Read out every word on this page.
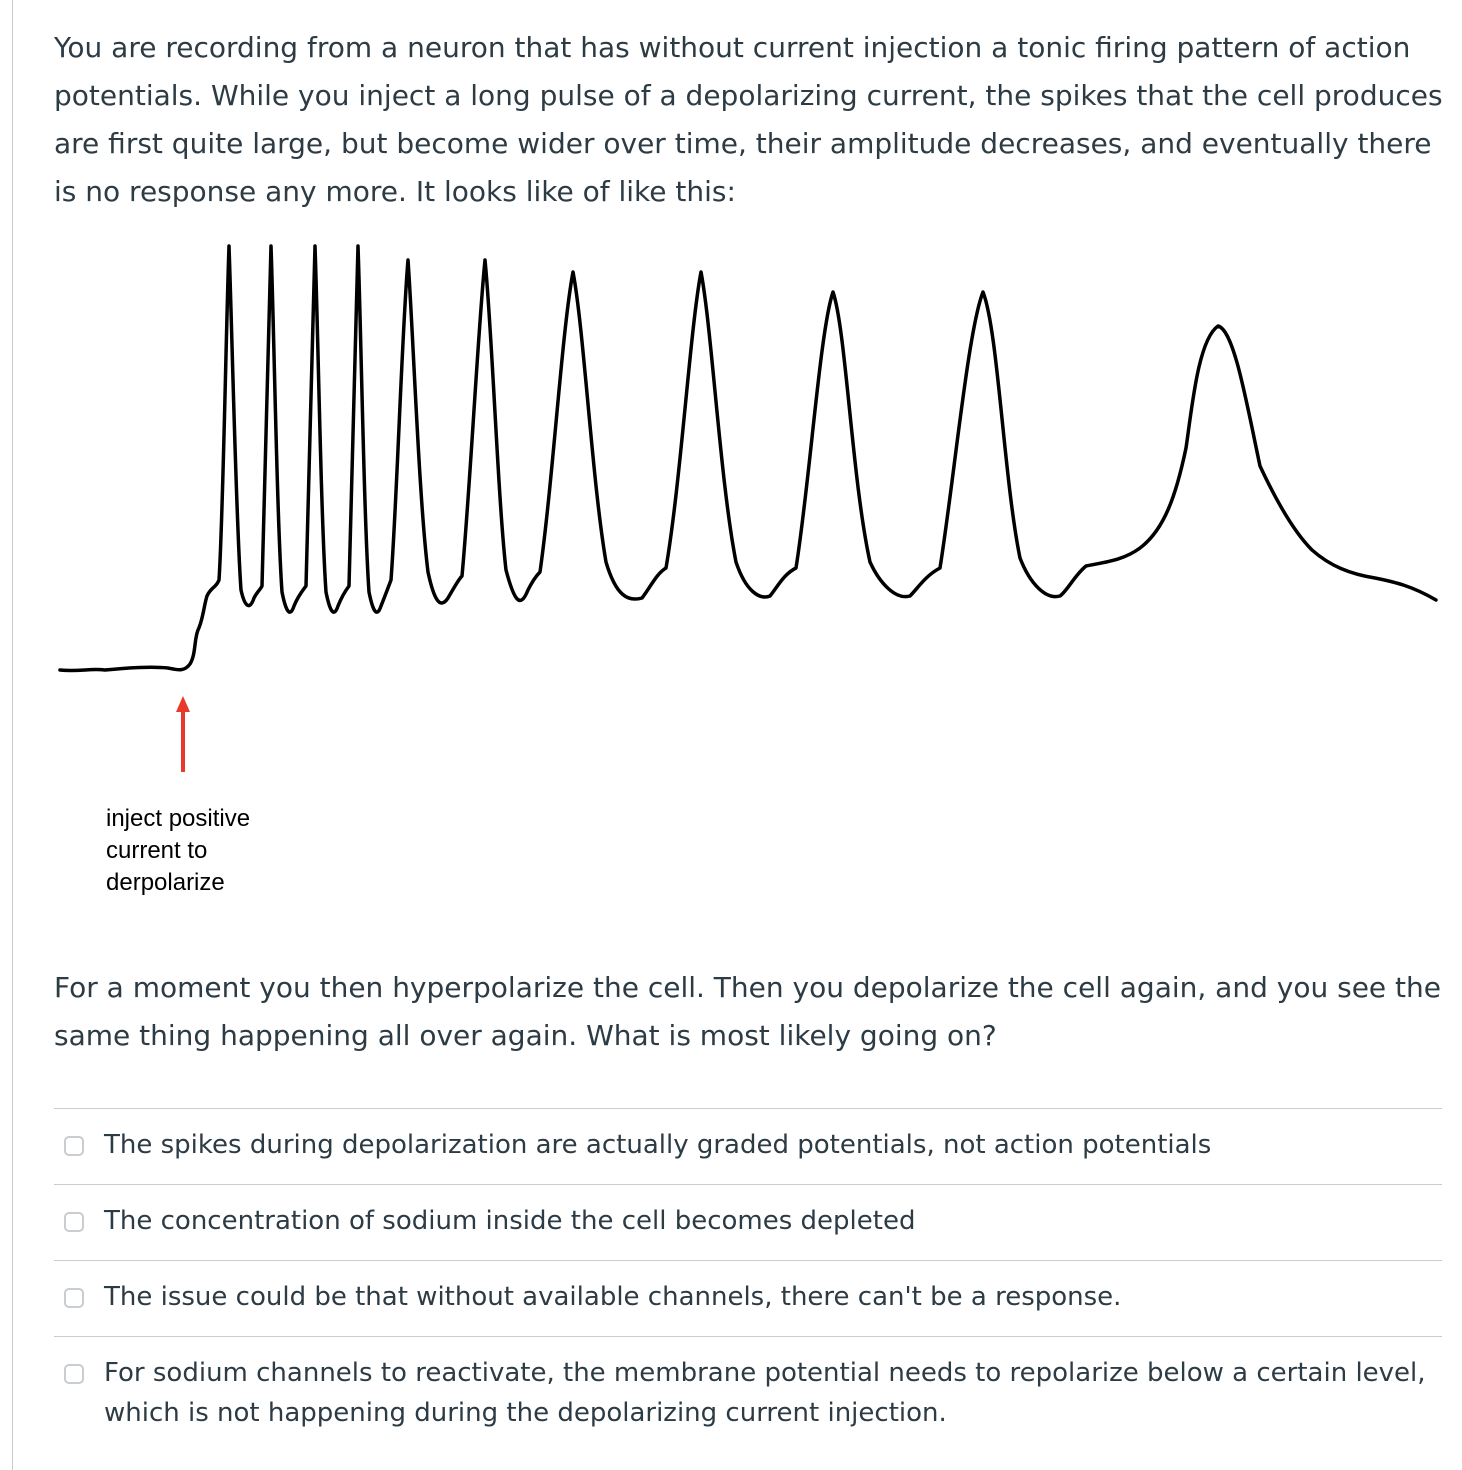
You are recording from a neuron that has without current injection a tonic firing pattern of action potentials. While you inject a long pulse of a depolarizing current, the spikes that the cell produces are first quite large, but become wider over time, their amplitude decreases, and eventually there is no response any more. It looks like of like this:

inject positive
current to
derpolarize

For a moment you then hyperpolarize the cell. Then you depolarize the cell again, and you see the same thing happening all over again. What is most likely going on?

The spikes during depolarization are actually graded potentials, not action potentials
The concentration of sodium inside the cell becomes depleted
The issue could be that without available channels, there can't be a response.
For sodium channels to reactivate, the membrane potential needs to repolarize below a certain level, which is not happening during the depolarizing current injection.
